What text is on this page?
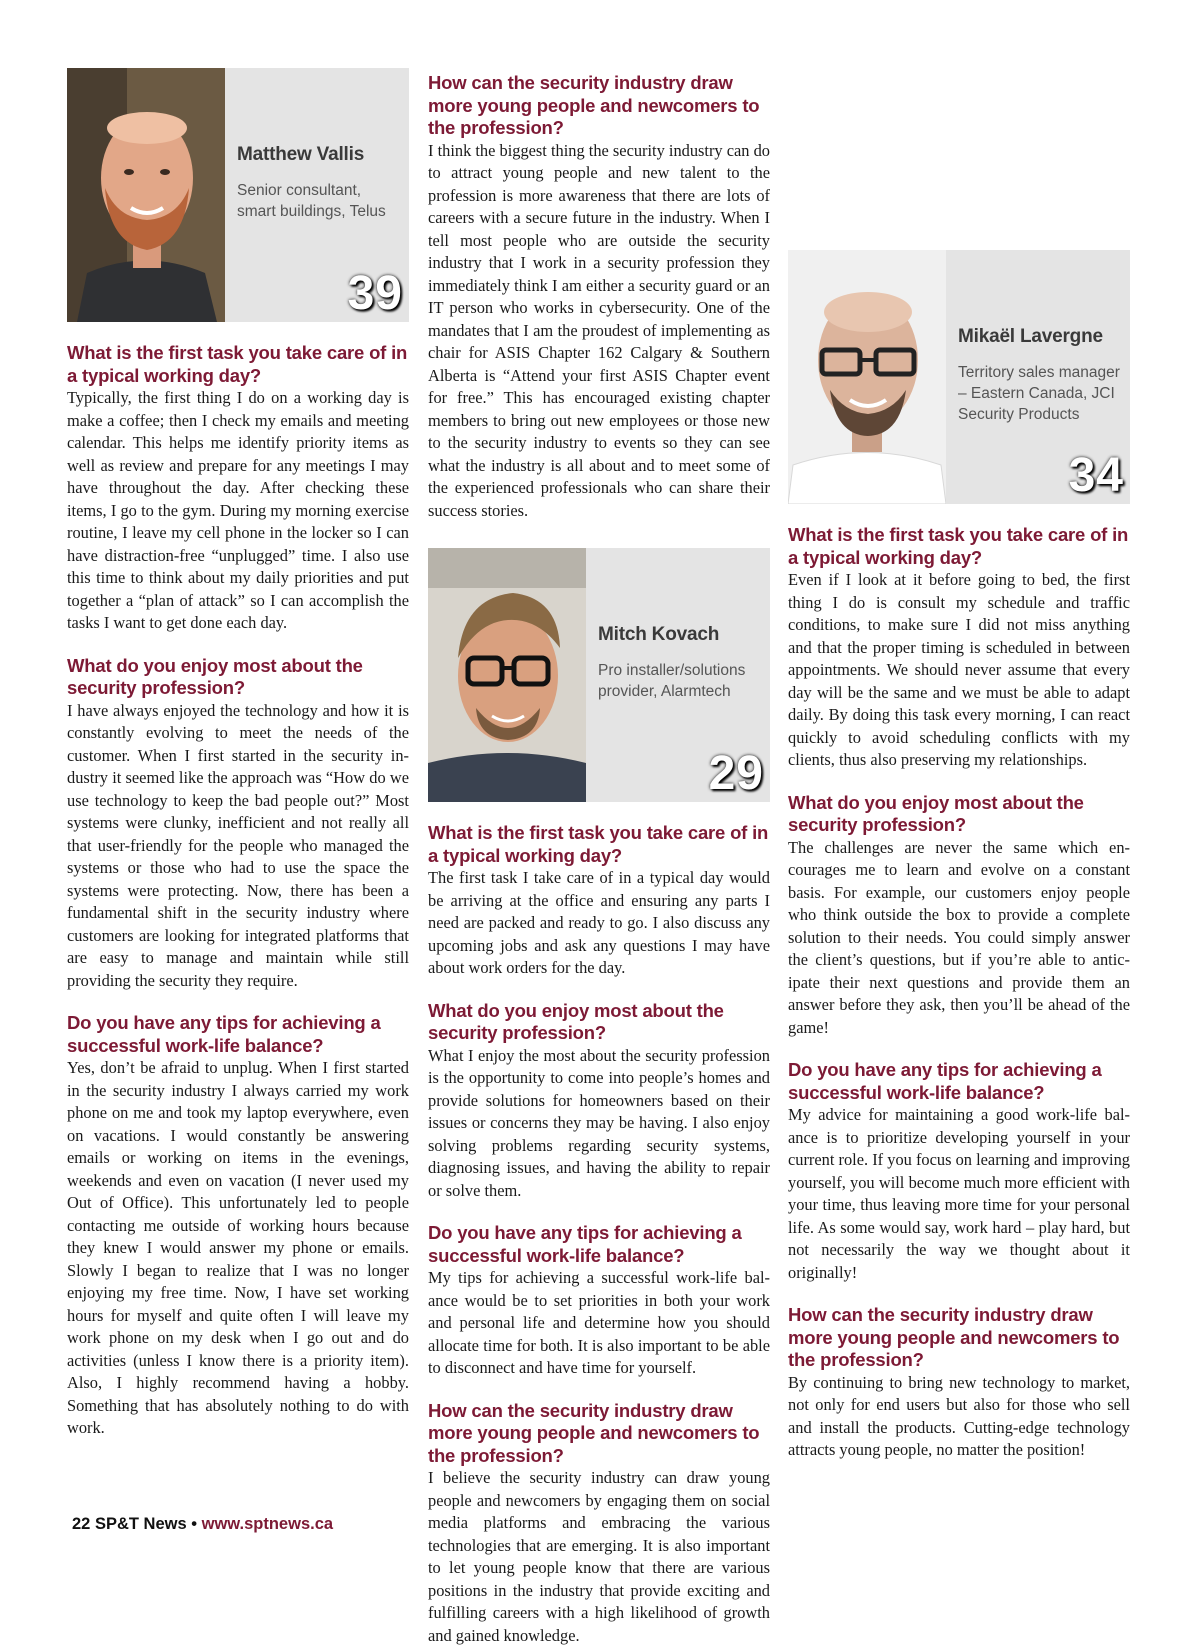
39

Matthew Vallis

Senior consultant, smart buildings, Telus

What is the first task you take care of in a typical working day?

Typically, the first thing I do on a working day is make a coffee; then I check my emails and meeting calendar. This helps me identify priority items as well as review and prepare for any meetings I may have throughout the day. After checking these items, I go to the gym. During my morning exercise routine, I leave my cell phone in the locker so I can have distraction-free “unplugged” time. I also use this time to think about my daily priorities and put together a “plan of attack” so I can accomplish the tasks I want to get done each day.

What do you enjoy most about the security profession?

I have always enjoyed the technology and how it is constantly evolving to meet the needs of the customer. When I first started in the security industry it seemed like the approach was “How do we use technology to keep the bad people out?” Most systems were clunky, inefficient and not really all that user-friendly for the people who managed the systems or those who had to use the space the systems were protecting. Now, there has been a fundamental shift in the security industry where customers are looking for integrated platforms that are easy to manage and maintain while still providing the security they require.

Do you have any tips for achieving a successful work-life balance?

Yes, don’t be afraid to unplug. When I first started in the security industry I always carried my work phone on me and took my laptop everywhere, even on vacations. I would constantly be answering emails or working on items in the evenings, weekends and even on vacation (I never used my Out of Office). This unfortunately led to people contacting me outside of working hours because they knew I would answer my phone or emails. Slowly I began to realize that I was no longer enjoying my free time. Now, I have set working hours for myself and quite often I will leave my work phone on my desk when I go out and do activities (unless I know there is a priority item). Also, I highly recommend having a hobby. Something that has absolutely nothing to do with work.

How can the security industry draw more young people and newcomers to the profession?

I think the biggest thing the security industry can do to attract young people and new talent to the profession is more awareness that there are lots of careers with a secure future in the industry. When I tell most people who are outside the security industry that I work in a security profession they immediately think I am either a security guard or an IT person who works in cybersecurity. One of the mandates that I am the proudest of implementing as chair for ASIS Chapter 162 Calgary & Southern Alberta is “Attend your first ASIS Chapter event for free.” This has encouraged existing chapter members to bring out new employees or those new to the security industry to events so they can see what the industry is all about and to meet some of the experienced professionals who can share their success stories.

29

Mitch Kovach

Pro installer/solutions provider, Alarmtech

What is the first task you take care of in a typical working day?

The first task I take care of in a typical day would be arriving at the office and ensuring any parts I need are packed and ready to go. I also discuss any upcoming jobs and ask any questions I may have about work orders for the day.

What do you enjoy most about the security profession?

What I enjoy the most about the security profession is the opportunity to come into people’s homes and provide solutions for homeowners based on their issues or concerns they may be having. I also enjoy solving problems regarding security systems, diagnosing issues, and having the ability to repair or solve them.

Do you have any tips for achieving a successful work-life balance?

My tips for achieving a successful work-life balance would be to set priorities in both your work and personal life and determine how you should allocate time for both. It is also important to be able to disconnect and have time for yourself.

How can the security industry draw more young people and newcomers to the profession?

I believe the security industry can draw young people and newcomers by engaging them on social media platforms and embracing the various technologies that are emerging. It is also important to let young people know that there are various positions in the industry that provide exciting and fulfilling careers with a high likelihood of growth and gained knowledge.

34

Mikaël Lavergne

Territory sales manager – Eastern Canada, JCI Security Products

What is the first task you take care of in a typical working day?

Even if I look at it before going to bed, the first thing I do is consult my schedule and traffic conditions, to make sure I did not miss anything and that the proper timing is scheduled in between appointments. We should never assume that every day will be the same and we must be able to adapt daily. By doing this task every morning, I can react quickly to avoid scheduling conflicts with my clients, thus also preserving my relationships.

What do you enjoy most about the security profession?

The challenges are never the same which encourages me to learn and evolve on a constant basis. For example, our customers enjoy people who think outside the box to provide a complete solution to their needs. You could simply answer the client’s questions, but if you’re able to anticipate their next questions and provide them an answer before they ask, then you’ll be ahead of the game!

Do you have any tips for achieving a successful work-life balance?

My advice for maintaining a good work-life balance is to prioritize developing yourself in your current role. If you focus on learning and improving yourself, you will become much more efficient with your time, thus leaving more time for your personal life. As some would say, work hard – play hard, but not necessarily the way we thought about it originally!

How can the security industry draw more young people and newcomers to the profession?

By continuing to bring new technology to market, not only for end users but also for those who sell and install the products. Cutting-edge technology attracts young people, no matter the position!

22 SP&T News • www.sptnews.ca
